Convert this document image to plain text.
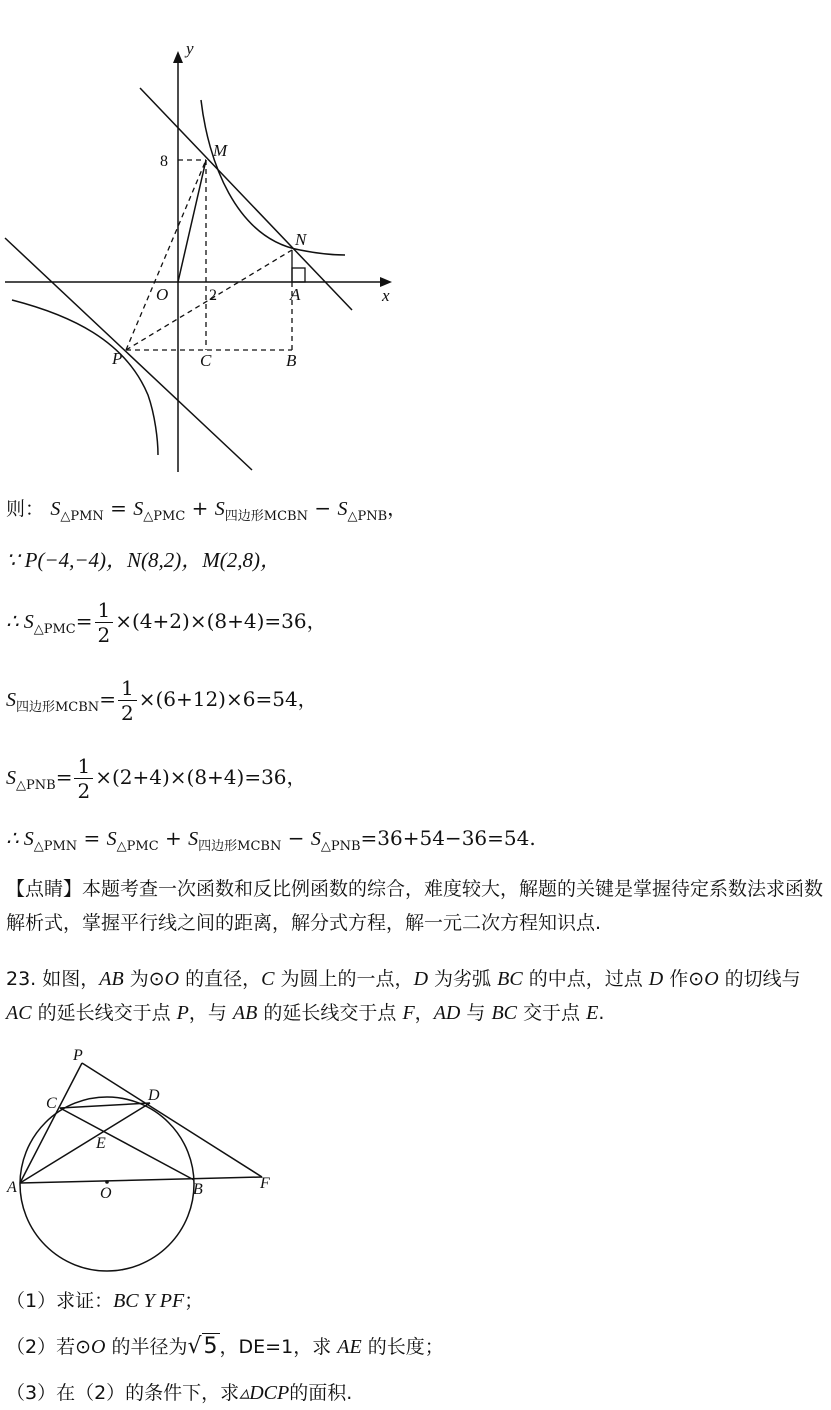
y
x
M
N
O	A
P	C	B
8
2
则： $S_{\triangle PMN} = S_{\triangle PMC} + S_{四边形MCBN} - S_{\triangle PNB}$，
∵ P(−4,−4)，N(8,2)，M(2,8)，
∴ $S_{\triangle PMC}= \frac{1}{2} \times(4+2)\times(8+4)=36$，
$S_{四边形MCBN}= \frac{1}{2} \times(6+12)\times 6=54$，
$S_{\triangle PNB}= \frac{1}{2} \times(2+4)\times(8+4)=36$，
∴ $S_{\triangle PMN} = S_{\triangle PMC} + S_{四边形MCBN} - S_{\triangle PNB}=36+54-36=54$.
【点睛】本题考查一次函数和反比例函数的综合，难度较大，解题的关键是掌握待定系数法求函数解析式，掌握平行线之间的距离，解分式方程，解一元二次方程知识点.
23. 如图，AB 为⊙O 的直径，C 为圆上的一点，D 为劣弧 BC 的中点，过点 D 作⊙O 的切线与 AC 的延长线交于点 P，与 AB 的延长线交于点 F，AD 与 BC 交于点 E.
P
C	D
E
A	O	B	F
（1）求证：BC Y PF；
（2）若⊙O 的半径为√5 ，DE=1，求 AE 的长度；
（3）在（2）的条件下，求▵DCP的面积.
